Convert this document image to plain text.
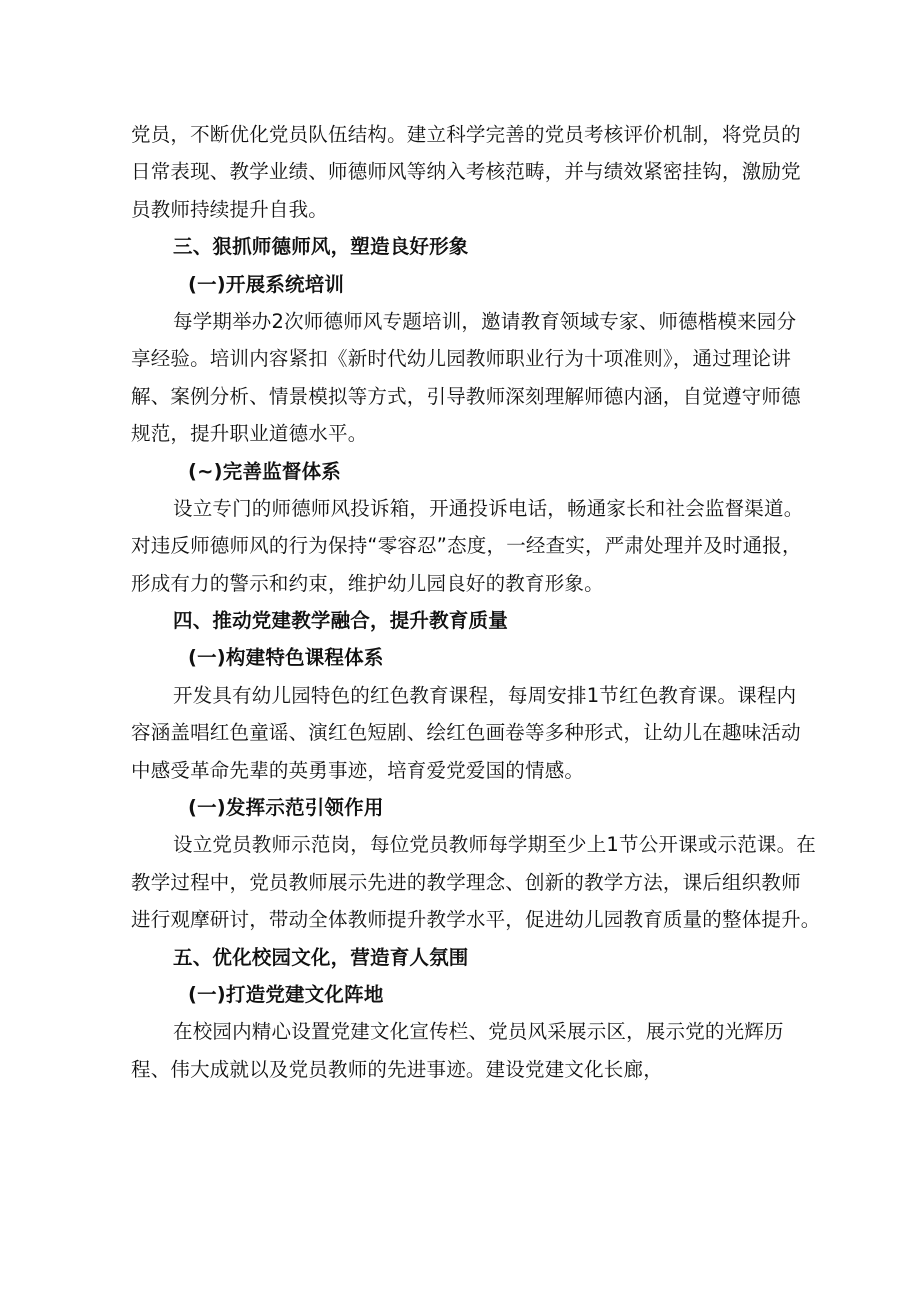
党员，不断优化党员队伍结构。建立科学完善的党员考核评价机制，将党员的
日常表现、教学业绩、师德师风等纳入考核范畴，并与绩效紧密挂钩，激励党
员教师持续提升自我。
三、狠抓师德师风，塑造良好形象
(一)开展系统培训
每学期举办2次师德师风专题培训，邀请教育领域专家、师德楷模来园分
享经验。培训内容紧扣《新时代幼儿园教师职业行为十项准则》，通过理论讲
解、案例分析、情景模拟等方式，引导教师深刻理解师德内涵，自觉遵守师德
规范，提升职业道德水平。
(~)完善监督体系
设立专门的师德师风投诉箱，开通投诉电话，畅通家长和社会监督渠道。
对违反师德师风的行为保持“零容忍”态度，一经查实，严肃处理并及时通报，
形成有力的警示和约束，维护幼儿园良好的教育形象。
四、推动党建教学融合，提升教育质量
(一)构建特色课程体系
开发具有幼儿园特色的红色教育课程，每周安排1节红色教育课。课程内
容涵盖唱红色童谣、演红色短剧、绘红色画卷等多种形式，让幼儿在趣味活动
中感受革命先辈的英勇事迹，培育爱党爱国的情感。
(一)发挥示范引领作用
设立党员教师示范岗，每位党员教师每学期至少上1节公开课或示范课。在
教学过程中，党员教师展示先进的教学理念、创新的教学方法，课后组织教师
进行观摩研讨，带动全体教师提升教学水平，促进幼儿园教育质量的整体提升。
五、优化校园文化，营造育人氛围
(一)打造党建文化阵地
在校园内精心设置党建文化宣传栏、党员风采展示区，展示党的光辉历
程、伟大成就以及党员教师的先进事迹。建设党建文化长廊，
